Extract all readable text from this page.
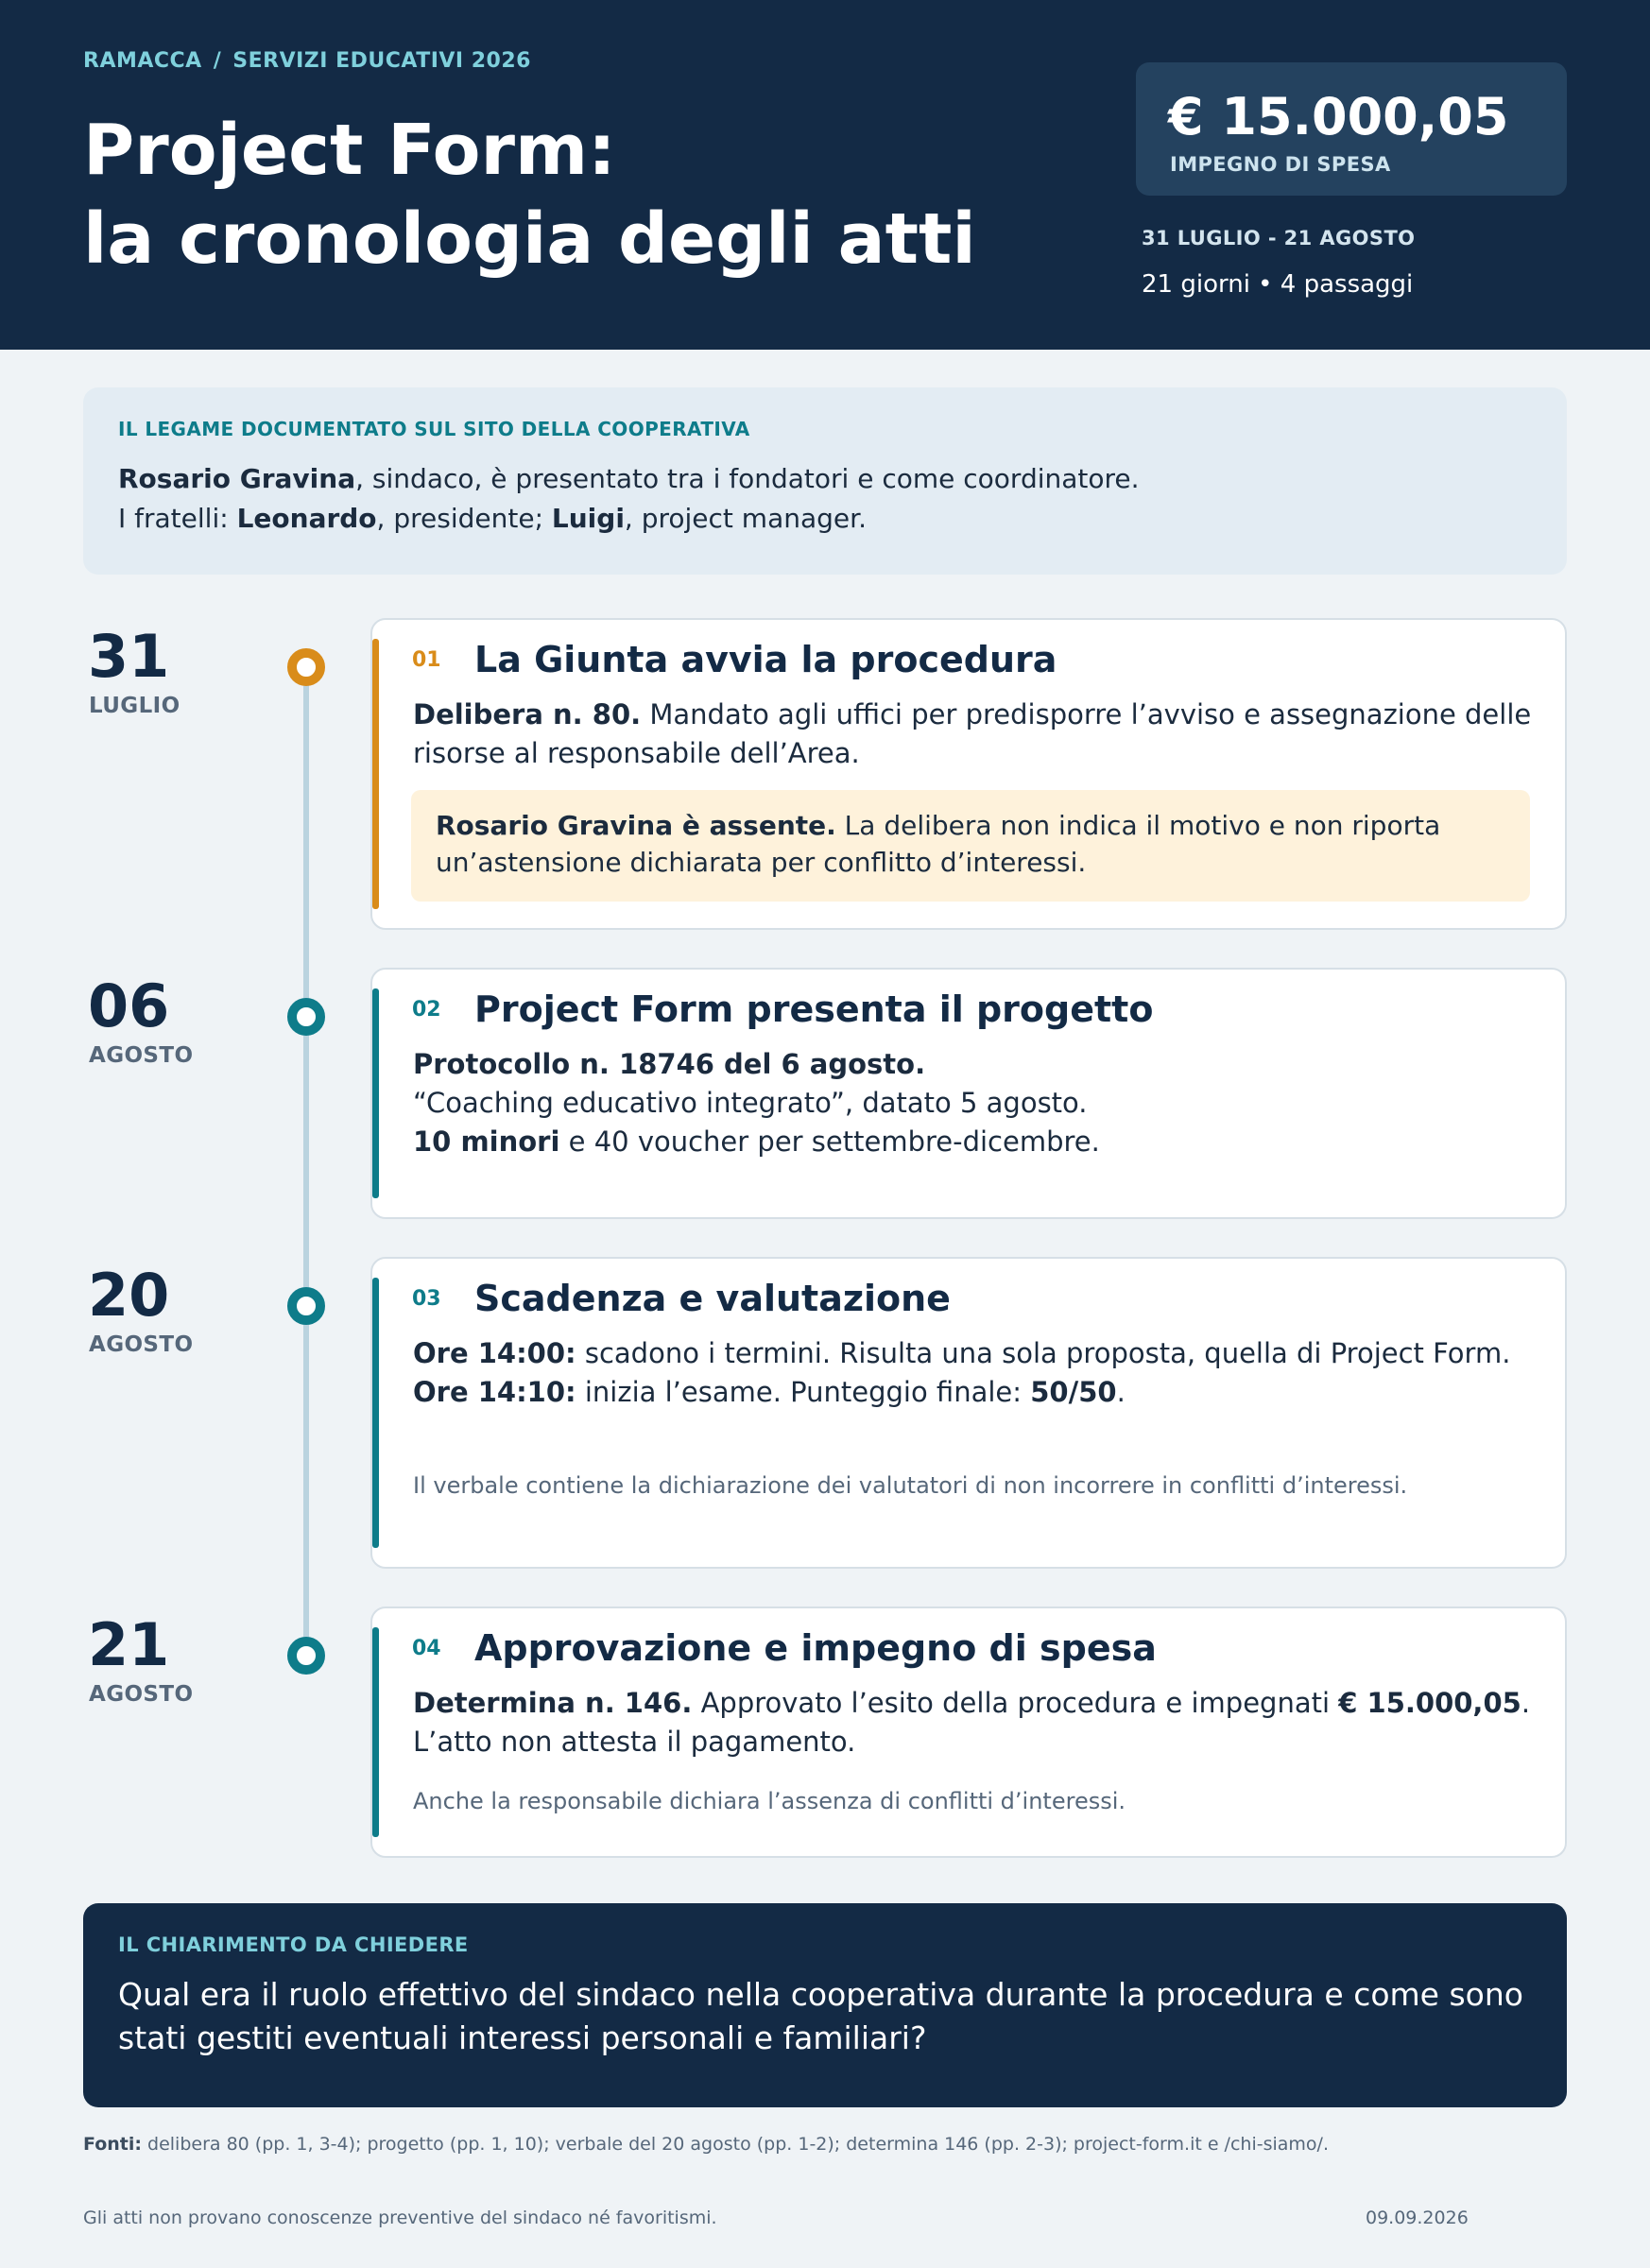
RAMACCA / SERVIZI EDUCATIVI 2026
Project Form:
la cronologia degli atti
€ 15.000,05
IMPEGNO DI SPESA
31 LUGLIO - 21 AGOSTO
21 giorni • 4 passaggi
IL LEGAME DOCUMENTATO SUL SITO DELLA COOPERATIVA
Rosario Gravina, sindaco, è presentato tra i fondatori e come coordinatore.
I fratelli: Leonardo, presidente; Luigi, project manager.
31
LUGLIO
01 La Giunta avvia la procedura
Delibera n. 80. Mandato agli uffici per predisporre l’avviso e assegnazione delle risorse al responsabile dell’Area.
Rosario Gravina è assente. La delibera non indica il motivo e non riporta un’astensione dichiarata per conflitto d’interessi.
06
AGOSTO
02 Project Form presenta il progetto
Protocollo n. 18746 del 6 agosto.
“Coaching educativo integrato”, datato 5 agosto.
10 minori e 40 voucher per settembre-dicembre.
20
AGOSTO
03 Scadenza e valutazione
Ore 14:00: scadono i termini. Risulta una sola proposta, quella di Project Form.
Ore 14:10: inizia l’esame. Punteggio finale: 50/50.
Il verbale contiene la dichiarazione dei valutatori di non incorrere in conflitti d’interessi.
21
AGOSTO
04 Approvazione e impegno di spesa
Determina n. 146. Approvato l’esito della procedura e impegnati € 15.000,05. L’atto non attesta il pagamento.
Anche la responsabile dichiara l’assenza di conflitti d’interessi.
IL CHIARIMENTO DA CHIEDERE
Qual era il ruolo effettivo del sindaco nella cooperativa durante la procedura e come sono stati gestiti eventuali interessi personali e familiari?
Fonti: delibera 80 (pp. 1, 3-4); progetto (pp. 1, 10); verbale del 20 agosto (pp. 1-2); determina 146 (pp. 2-3); project-form.it e /chi-siamo/.
Gli atti non provano conoscenze preventive del sindaco né favoritismi.	09.09.2026
